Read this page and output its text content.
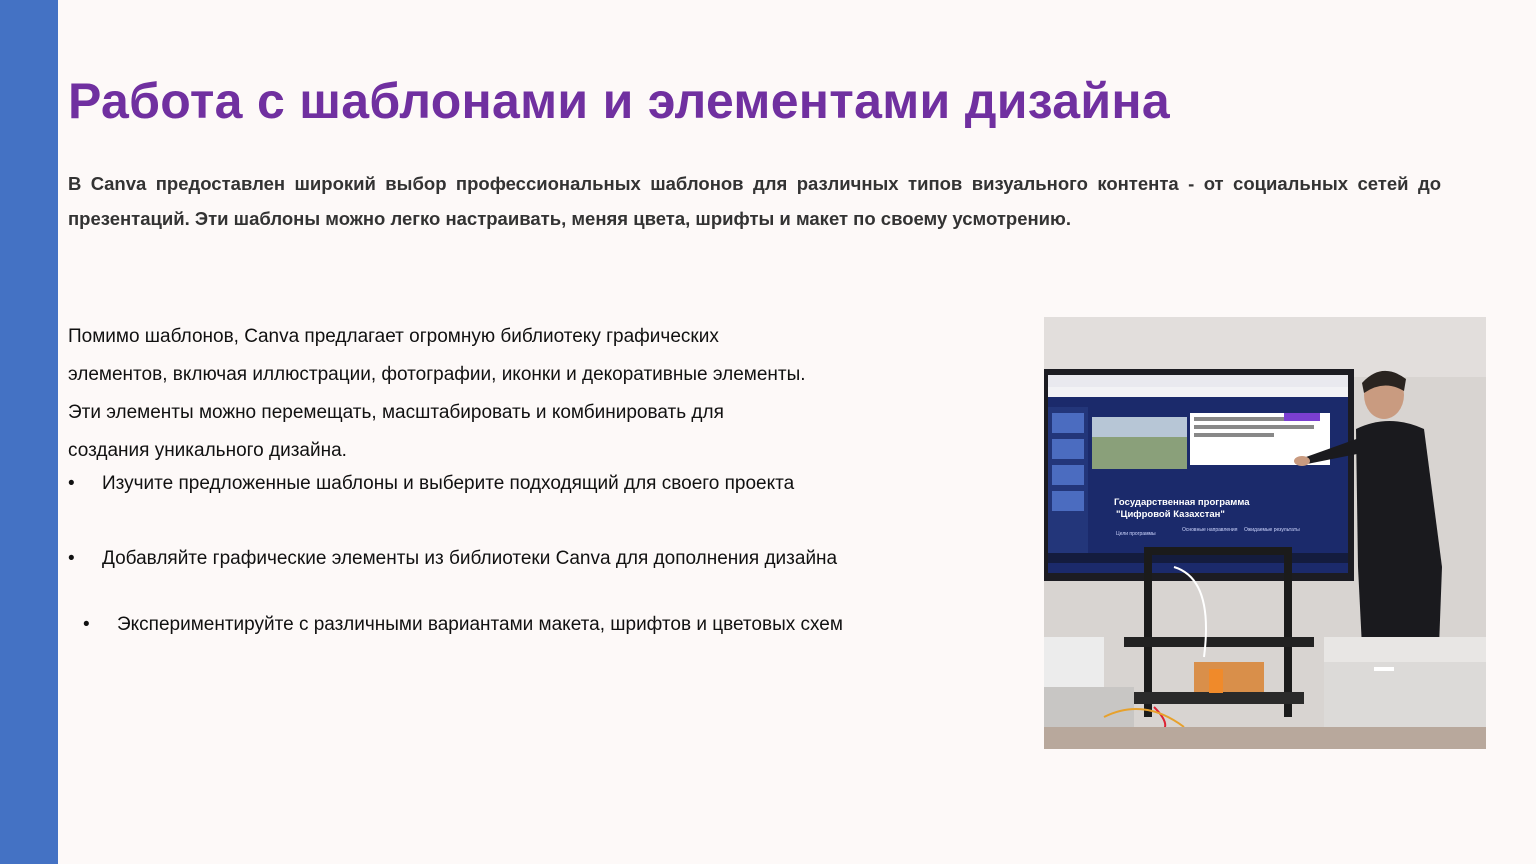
Работа с шаблонами и элементами дизайна
В Canva предоставлен широкий выбор профессиональных шаблонов для различных типов визуального контента - от социальных сетей до презентаций. Эти шаблоны можно легко настраивать, меняя цвета, шрифты и макет по своему усмотрению.
Помимо шаблонов, Canva предлагает огромную библиотеку графических
элементов, включая иллюстрации, фотографии, иконки и декоративные элементы.
Эти элементы можно перемещать, масштабировать и комбинировать для
создания уникального дизайна.
• Изучите предложенные шаблоны и выберите подходящий для своего проекта
• Добавляйте графические элементы из библиотеки Canva для дополнения дизайна
• Экспериментируйте с различными вариантами макета, шрифтов и цветовых схем
Государственная программа
"Цифровой Казахстан"
Цели программы
Основные направления Ожидаемые результаты
